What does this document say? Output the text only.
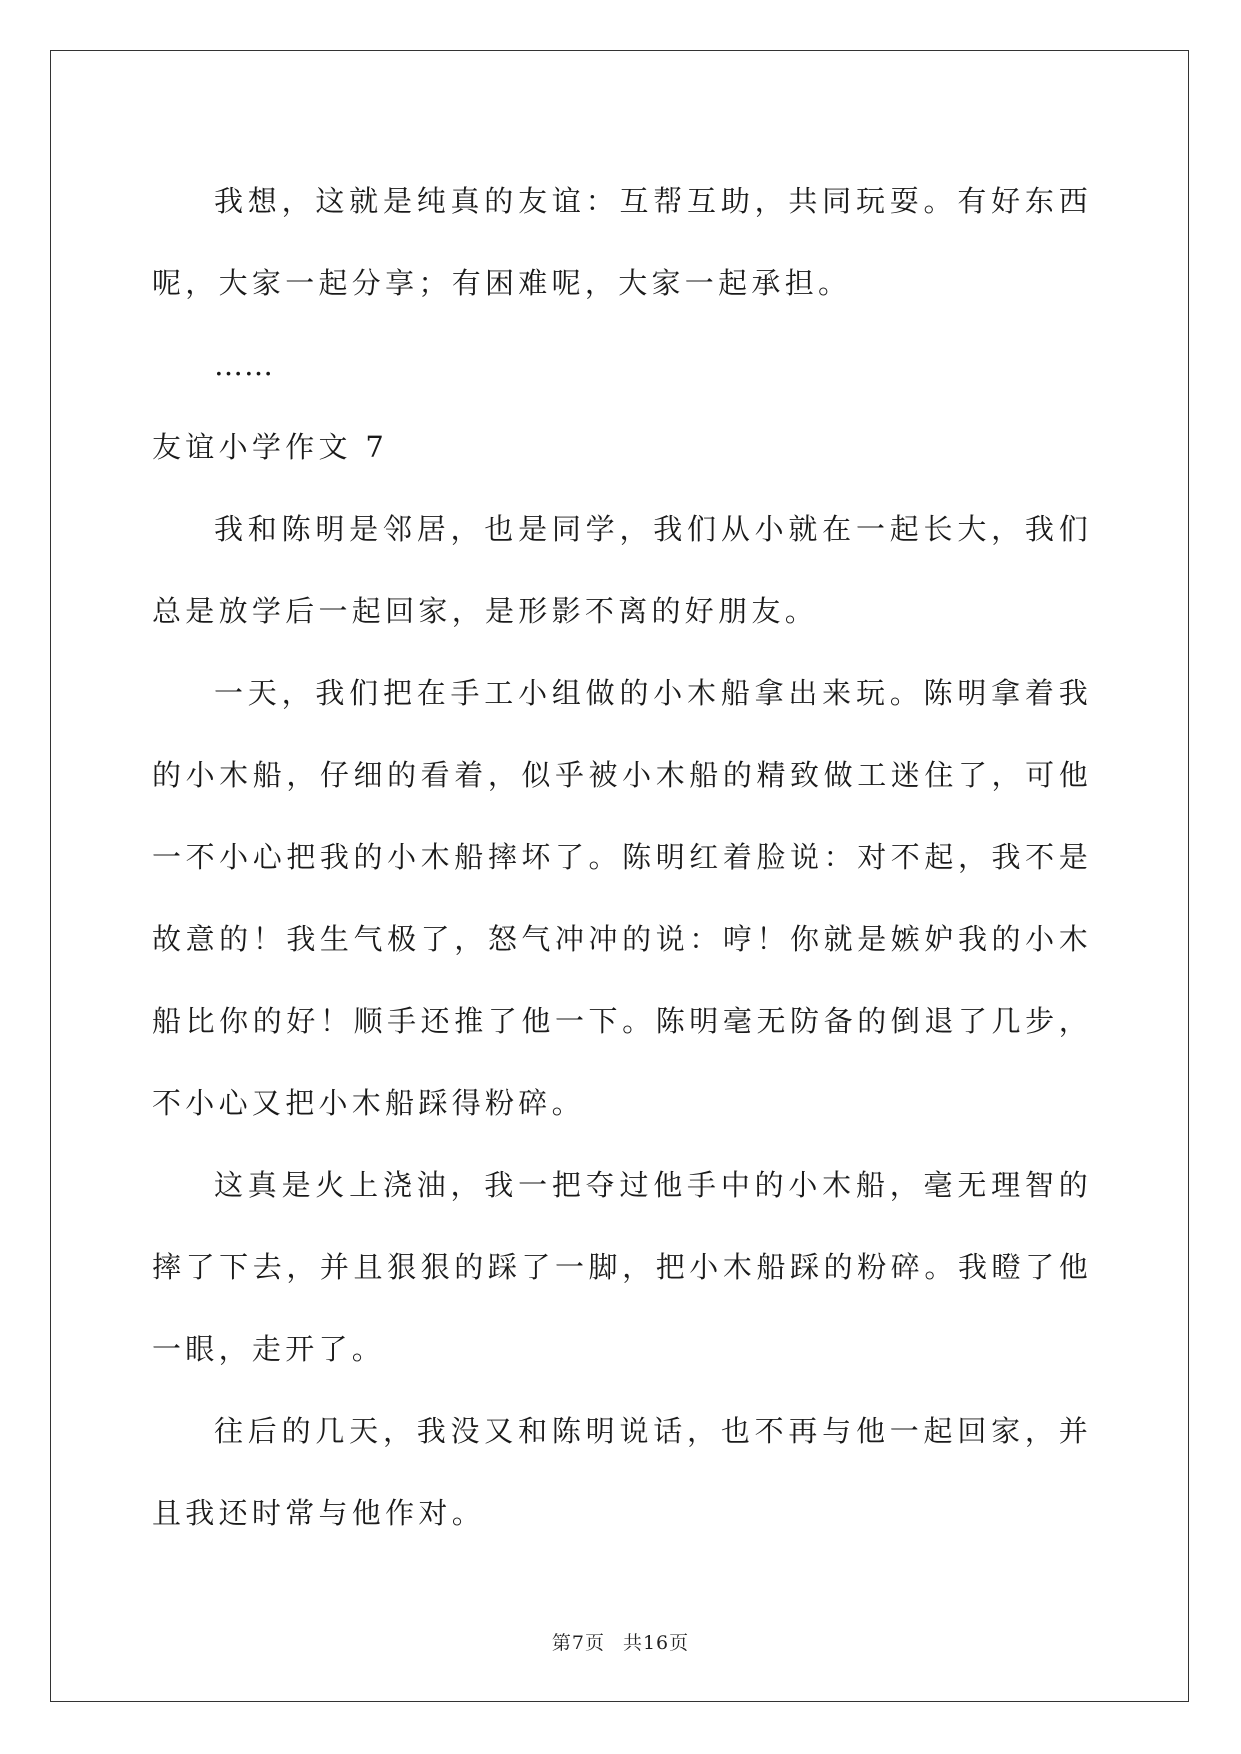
我想，这就是纯真的友谊：互帮互助，共同玩耍。有好东西呢，大家一起分享；有困难呢，大家一起承担。

……

友谊小学作文 7

我和陈明是邻居，也是同学，我们从小就在一起长大，我们总是放学后一起回家，是形影不离的好朋友。

一天，我们把在手工小组做的小木船拿出来玩。陈明拿着我的小木船，仔细的看着，似乎被小木船的精致做工迷住了，可他一不小心把我的小木船摔坏了。陈明红着脸说：对不起，我不是故意的！我生气极了，怒气冲冲的说：哼！你就是嫉妒我的小木船比你的好！顺手还推了他一下。陈明毫无防备的倒退了几步，不小心又把小木船踩得粉碎。

这真是火上浇油，我一把夺过他手中的小木船，毫无理智的摔了下去，并且狠狠的踩了一脚，把小木船踩的粉碎。我瞪了他一眼，走开了。

往后的几天，我没又和陈明说话，也不再与他一起回家，并且我还时常与他作对。

第7页 共16页
